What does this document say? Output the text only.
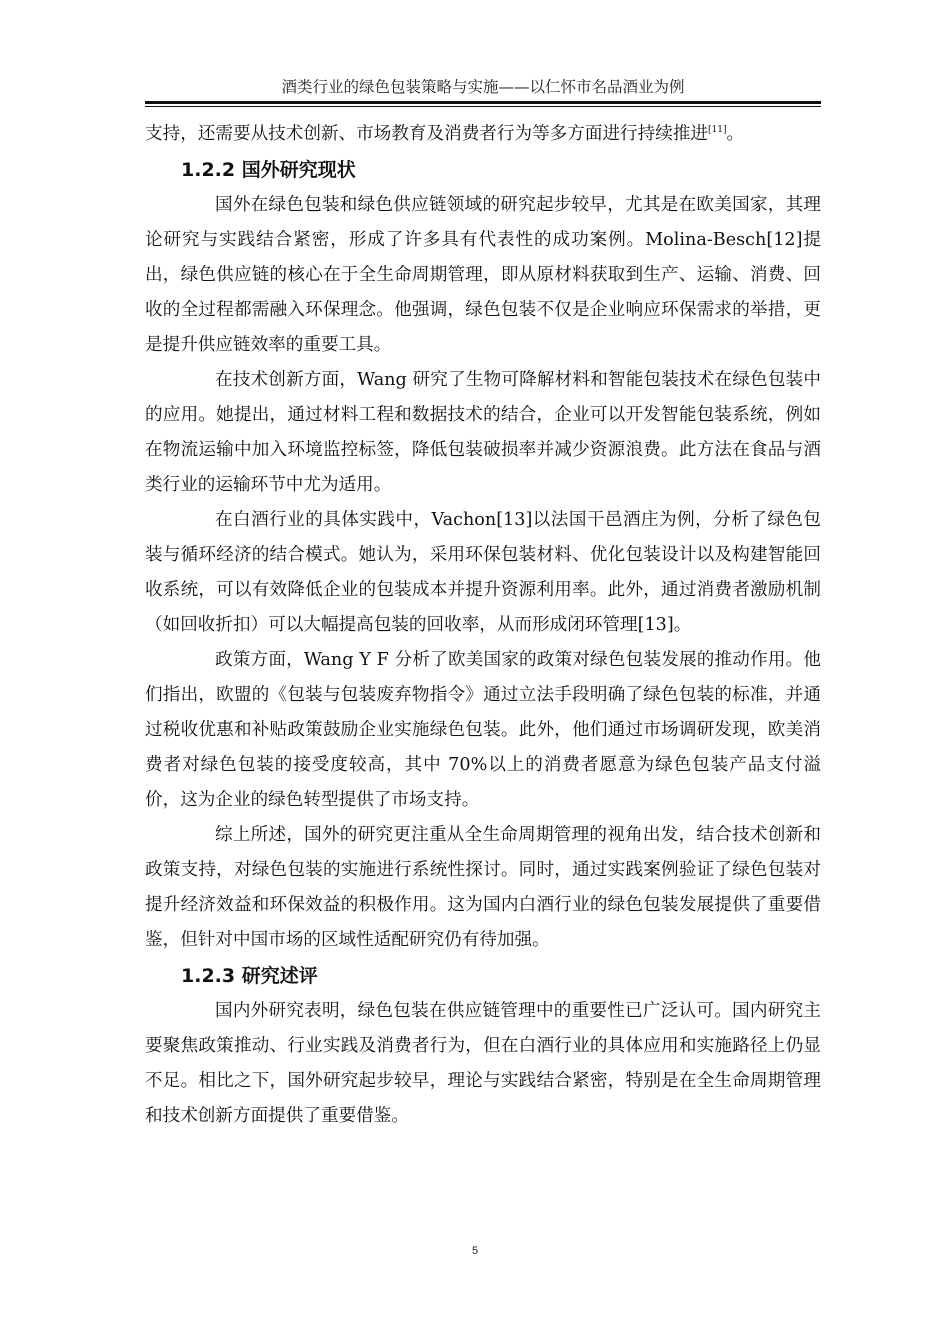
酒类行业的绿色包装策略与实施——以仁怀市名品酒业为例

支持，还需要从技术创新、市场教育及消费者行为等多方面进行持续推进[11]。

1.2.2 国外研究现状

国外在绿色包装和绿色供应链领域的研究起步较早，尤其是在欧美国家，其理论研究与实践结合紧密，形成了许多具有代表性的成功案例。Molina-Besch[12]提出，绿色供应链的核心在于全生命周期管理，即从原材料获取到生产、运输、消费、回收的全过程都需融入环保理念。他强调，绿色包装不仅是企业响应环保需求的举措，更是提升供应链效率的重要工具。

在技术创新方面，Wang 研究了生物可降解材料和智能包装技术在绿色包装中的应用。她提出，通过材料工程和数据技术的结合，企业可以开发智能包装系统，例如在物流运输中加入环境监控标签，降低包装破损率并减少资源浪费。此方法在食品与酒类行业的运输环节中尤为适用。

在白酒行业的具体实践中，Vachon[13]以法国干邑酒庄为例，分析了绿色包装与循环经济的结合模式。她认为，采用环保包装材料、优化包装设计以及构建智能回收系统，可以有效降低企业的包装成本并提升资源利用率。此外，通过消费者激励机制（如回收折扣）可以大幅提高包装的回收率，从而形成闭环管理[13]。

政策方面，Wang Y F 分析了欧美国家的政策对绿色包装发展的推动作用。他们指出，欧盟的《包装与包装废弃物指令》通过立法手段明确了绿色包装的标准，并通过税收优惠和补贴政策鼓励企业实施绿色包装。此外，他们通过市场调研发现，欧美消费者对绿色包装的接受度较高，其中 70%以上的消费者愿意为绿色包装产品支付溢价，这为企业的绿色转型提供了市场支持。

综上所述，国外的研究更注重从全生命周期管理的视角出发，结合技术创新和政策支持，对绿色包装的实施进行系统性探讨。同时，通过实践案例验证了绿色包装对提升经济效益和环保效益的积极作用。这为国内白酒行业的绿色包装发展提供了重要借鉴，但针对中国市场的区域性适配研究仍有待加强。

1.2.3 研究述评

国内外研究表明，绿色包装在供应链管理中的重要性已广泛认可。国内研究主要聚焦政策推动、行业实践及消费者行为，但在白酒行业的具体应用和实施路径上仍显不足。相比之下，国外研究起步较早，理论与实践结合紧密，特别是在全生命周期管理和技术创新方面提供了重要借鉴。

5
